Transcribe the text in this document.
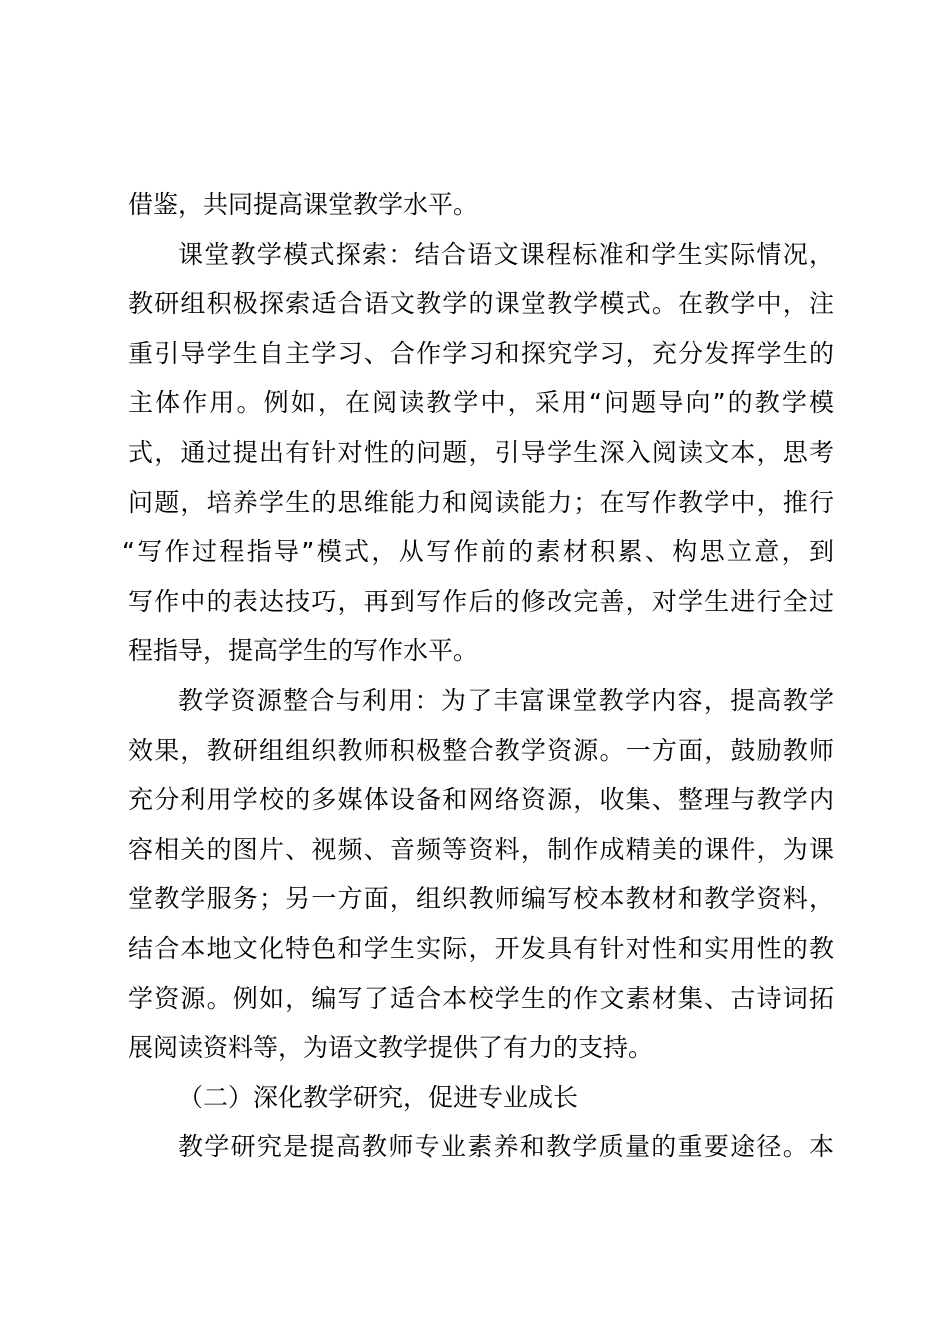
借鉴，共同提高课堂教学水平。
课堂教学模式探索：结合语文课程标准和学生实际情况，
教研组积极探索适合语文教学的课堂教学模式。在教学中，注
重引导学生自主学习、合作学习和探究学习，充分发挥学生的
主体作用。例如，在阅读教学中，采用“问题导向”的教学模
式，通过提出有针对性的问题，引导学生深入阅读文本，思考
问题，培养学生的思维能力和阅读能力；在写作教学中，推行
“写作过程指导”模式，从写作前的素材积累、构思立意，到
写作中的表达技巧，再到写作后的修改完善，对学生进行全过
程指导，提高学生的写作水平。
教学资源整合与利用：为了丰富课堂教学内容，提高教学
效果，教研组组织教师积极整合教学资源。一方面，鼓励教师
充分利用学校的多媒体设备和网络资源，收集、整理与教学内
容相关的图片、视频、音频等资料，制作成精美的课件，为课
堂教学服务；另一方面，组织教师编写校本教材和教学资料，
结合本地文化特色和学生实际，开发具有针对性和实用性的教
学资源。例如，编写了适合本校学生的作文素材集、古诗词拓
展阅读资料等，为语文教学提供了有力的支持。
（二）深化教学研究，促进专业成长
教学研究是提高教师专业素养和教学质量的重要途径。本
